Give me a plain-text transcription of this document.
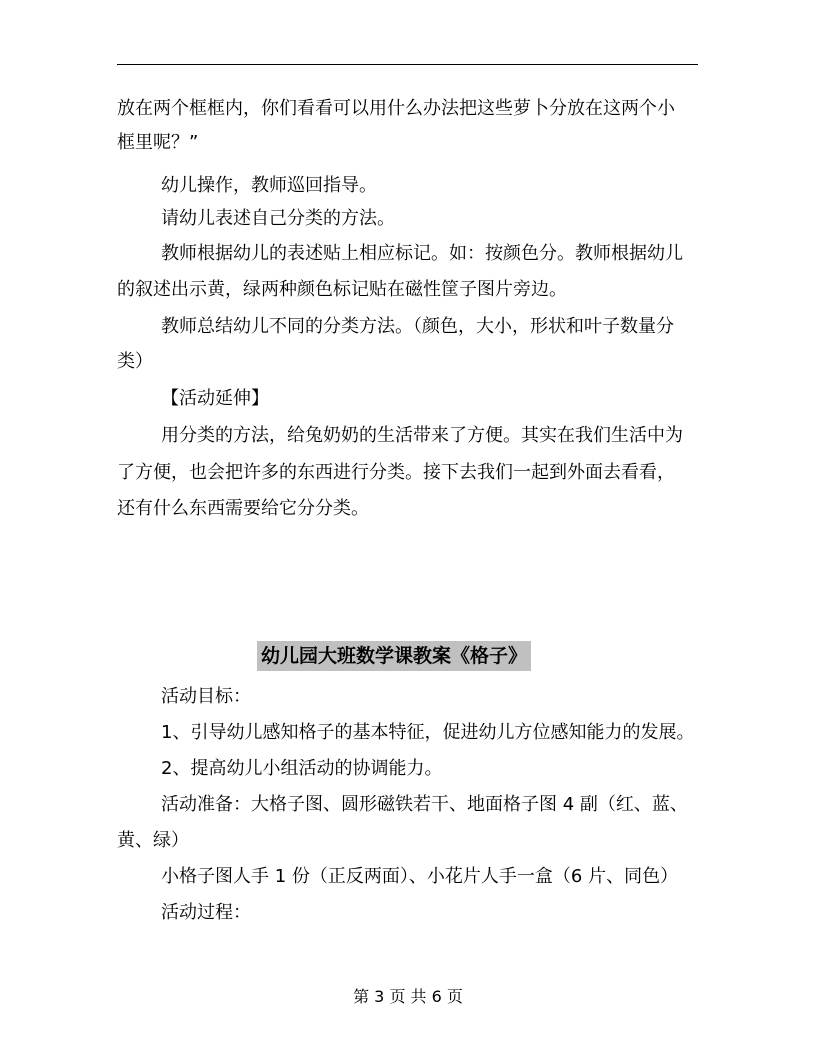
放在两个框框内，你们看看可以用什么办法把这些萝卜分放在这两个小
框里呢？”
幼儿操作，教师巡回指导。
请幼儿表述自己分类的方法。
教师根据幼儿的表述贴上相应标记。如：按颜色分。教师根据幼儿
的叙述出示黄，绿两种颜色标记贴在磁性筐子图片旁边。
教师总结幼儿不同的分类方法。（颜色，大小，形状和叶子数量分
类）
【活动延伸】
用分类的方法，给兔奶奶的生活带来了方便。其实在我们生活中为
了方便，也会把许多的东西进行分类。接下去我们一起到外面去看看，
还有什么东西需要给它分分类。
幼儿园大班数学课教案《格子》
活动目标：
1、引导幼儿感知格子的基本特征，促进幼儿方位感知能力的发展。
2、提高幼儿小组活动的协调能力。
活动准备：大格子图、圆形磁铁若干、地面格子图 4 副（红、蓝、
黄、绿）
小格子图人手 1 份（正反两面）、小花片人手一盒（6 片、同色）
活动过程：
第 3 页 共 6 页
